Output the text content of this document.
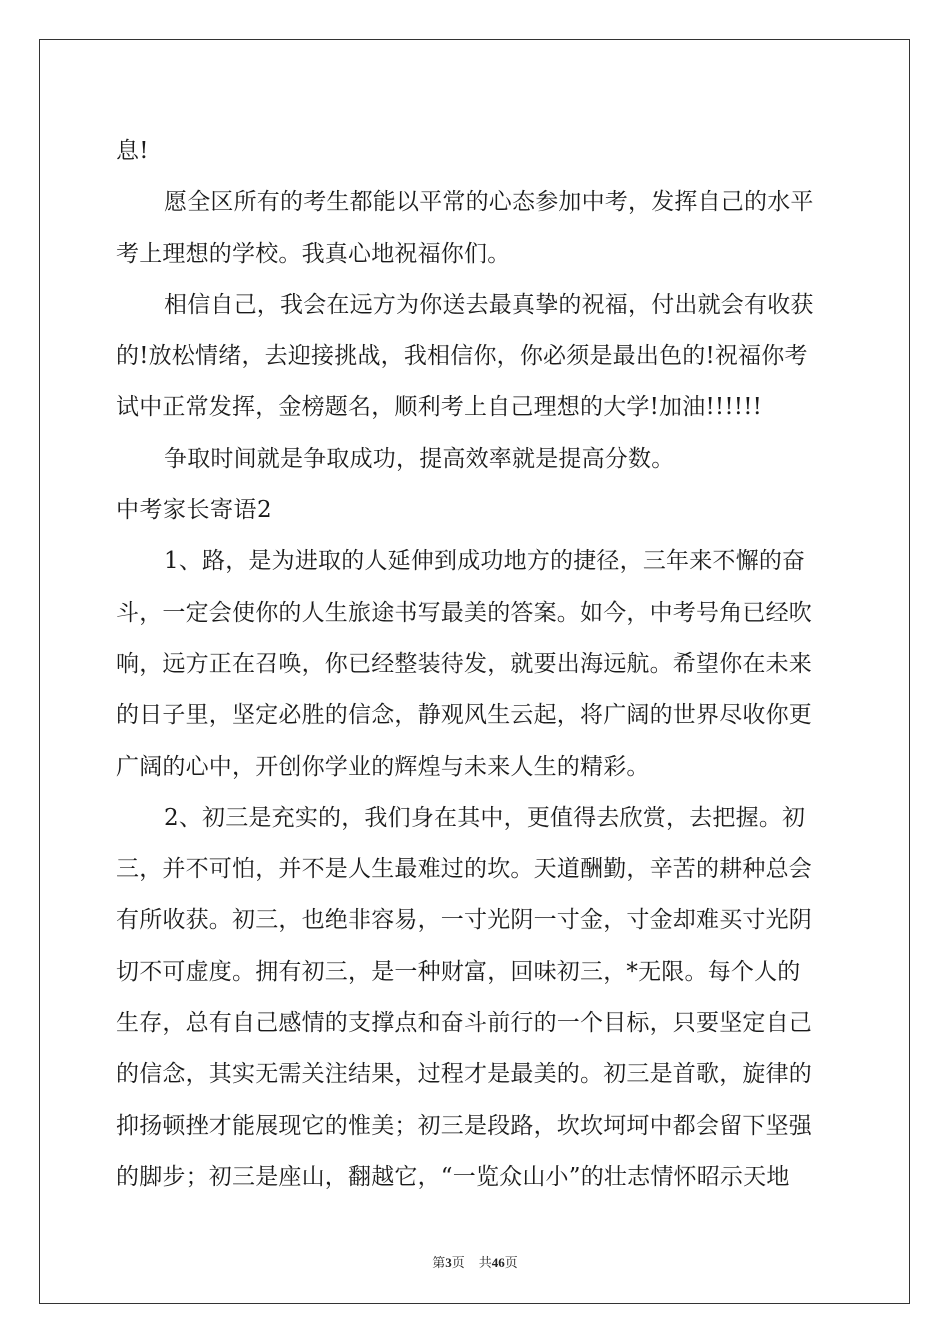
息!
愿全区所有的考生都能以平常的心态参加中考，发挥自己的水平
考上理想的学校。我真心地祝福你们。
相信自己，我会在远方为你送去最真挚的祝福，付出就会有收获
的!放松情绪，去迎接挑战，我相信你，你必须是最出色的!祝福你考
试中正常发挥，金榜题名，顺利考上自己理想的大学!加油!!!!!!
争取时间就是争取成功，提高效率就是提高分数。
中考家长寄语2
1、路，是为进取的人延伸到成功地方的捷径，三年来不懈的奋
斗，一定会使你的人生旅途书写最美的答案。如今，中考号角已经吹
响，远方正在召唤，你已经整装待发，就要出海远航。希望你在未来
的日子里，坚定必胜的信念，静观风生云起，将广阔的世界尽收你更
广阔的心中，开创你学业的辉煌与未来人生的精彩。
2、初三是充实的，我们身在其中，更值得去欣赏，去把握。初
三，并不可怕，并不是人生最难过的坎。天道酬勤，辛苦的耕种总会
有所收获。初三，也绝非容易，一寸光阴一寸金，寸金却难买寸光阴
切不可虚度。拥有初三，是一种财富，回味初三，*无限。每个人的
生存，总有自己感情的支撑点和奋斗前行的一个目标，只要坚定自己
的信念，其实无需关注结果，过程才是最美的。初三是首歌，旋律的
抑扬顿挫才能展现它的惟美；初三是段路，坎坎坷坷中都会留下坚强
的脚步；初三是座山，翻越它，“一览众山小”的壮志情怀昭示天地
第3页 共46页
